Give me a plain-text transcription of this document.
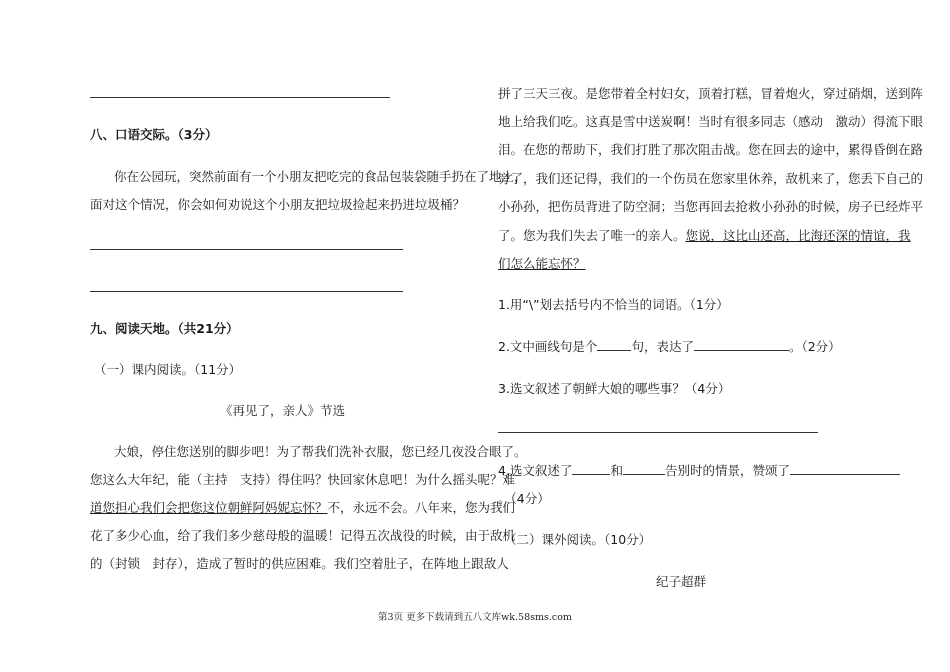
八、口语交际。（3分）
你在公园玩，突然前面有一个小朋友把吃完的食品包装袋随手扔在了地上，
面对这个情况，你会如何劝说这个小朋友把垃圾捡起来扔进垃圾桶？
九、阅读天地。（共21分）
（一）课内阅读。（11分）
《再见了，亲人》节选
大娘，停住您送别的脚步吧！为了帮我们洗补衣服，您已经几夜没合眼了。
您这么大年纪，能（主持　支持）得住吗？快回家休息吧！为什么摇头呢？难
道您担心我们会把您这位朝鲜阿妈妮忘怀？不，永远不会。八年来，您为我们
花了多少心血，给了我们多少慈母般的温暖！记得五次战役的时候，由于敌机
的（封锁　封存），造成了暂时的供应困难。我们空着肚子，在阵地上跟敌人
拼了三天三夜。是您带着全村妇女，顶着打糕，冒着炮火，穿过硝烟，送到阵
地上给我们吃。这真是雪中送炭啊！当时有很多同志（感动　激动）得流下眼
泪。在您的帮助下，我们打胜了那次阻击战。您在回去的途中，累得昏倒在路
旁了，我们还记得，我们的一个伤员在您家里休养，敌机来了，您丢下自己的
小孙孙，把伤员背进了防空洞；当您再回去抢救小孙孙的时候，房子已经炸平
了。您为我们失去了唯一的亲人。您说，这比山还高，比海还深的情谊，我
们怎么能忘怀？
1.用“\”划去括号内不恰当的词语。（1分）
2.文中画线句是个	句，表达了	。（2分）
3.选文叙述了朝鲜大娘的哪些事？（4分）
4.选文叙述了	和	告别时的情景，赞颂了
。（4分）
（二）课外阅读。（10分）
纪子超群
第3页 更多下载请到五八文库wk.58sms.com
